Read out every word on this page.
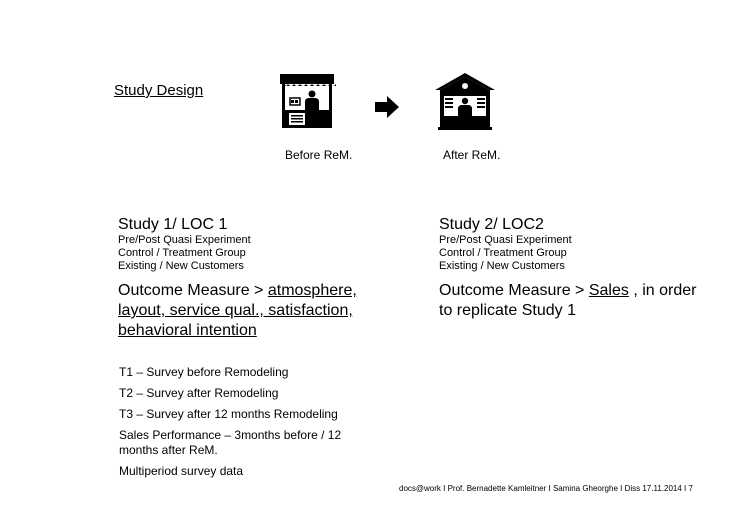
Study Design
Before ReM.	After ReM.
Study 1/ LOC 1
Pre/Post Quasi Experiment
Control / Treatment Group
Existing / New Customers
Outcome Measure > atmosphere, layout, service qual., satisfaction, behavioral intention
Study 2/ LOC2
Pre/Post Quasi Experiment
Control / Treatment Group
Existing / New Customers
Outcome Measure > Sales , in order to replicate Study 1
T1 – Survey before Remodeling
T2 – Survey after Remodeling
T3 – Survey after 12 months Remodeling
Sales Performance – 3months before / 12 months after ReM.
Multiperiod survey data
docs@work I Prof. Bernadette Kamleitner I Samina Gheorghe I Diss 17.11.2014 I 7
